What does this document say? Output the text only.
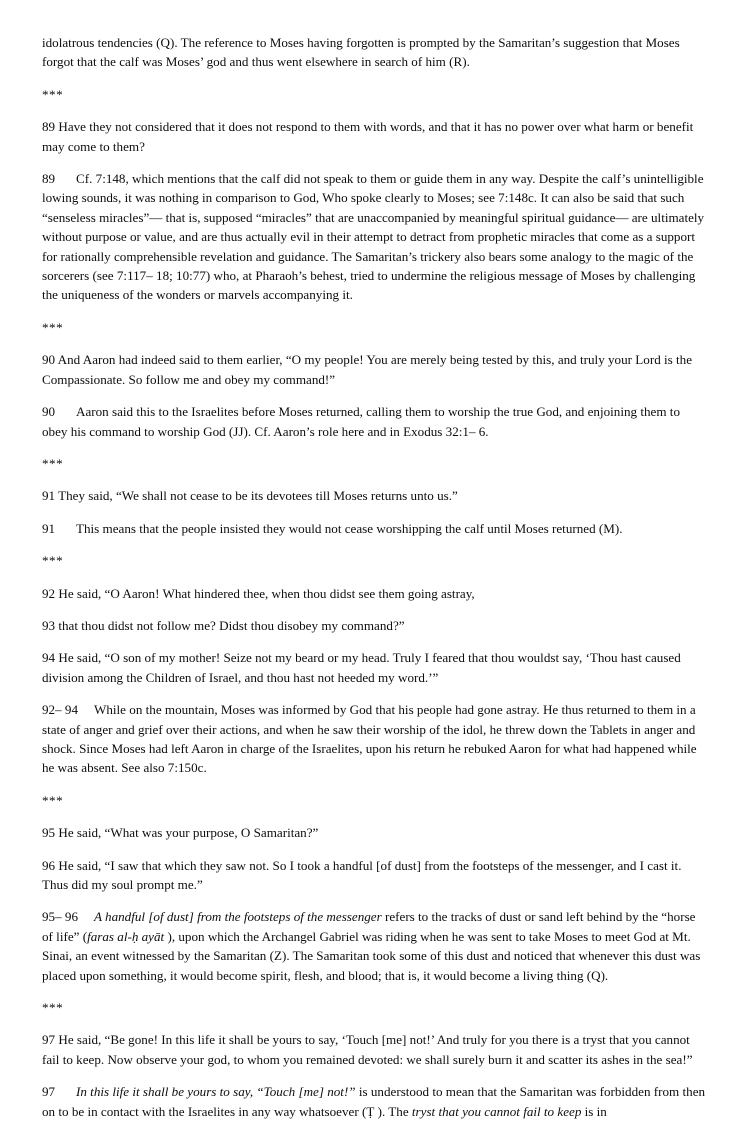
idolatrous tendencies (Q). The reference to Moses having forgotten is prompted by the Samaritan’s suggestion that Moses forgot that the calf was Moses’ god and thus went elsewhere in search of him (R).

***

89 Have they not considered that it does not respond to them with words, and that it has no power over what harm or benefit may come to them?

89 Cf. 7:148, which mentions that the calf did not speak to them or guide them in any way. Despite the calf’s unintelligible lowing sounds, it was nothing in comparison to God, Who spoke clearly to Moses; see 7:148c. It can also be said that such “senseless miracles”— that is, supposed “miracles” that are unaccompanied by meaningful spiritual guidance— are ultimately without purpose or value, and are thus actually evil in their attempt to detract from prophetic miracles that come as a support for rationally comprehensible revelation and guidance. The Samaritan’s trickery also bears some analogy to the magic of the sorcerers (see 7:117– 18; 10:77) who, at Pharaoh’s behest, tried to undermine the religious message of Moses by challenging the uniqueness of the wonders or marvels accompanying it.

***

90 And Aaron had indeed said to them earlier, “O my people! You are merely being tested by this, and truly your Lord is the Compassionate. So follow me and obey my command!”

90 Aaron said this to the Israelites before Moses returned, calling them to worship the true God, and enjoining them to obey his command to worship God (JJ). Cf. Aaron’s role here and in Exodus 32:1– 6.

***

91 They said, “We shall not cease to be its devotees till Moses returns unto us.”

91 This means that the people insisted they would not cease worshipping the calf until Moses returned (M).

***

92 He said, “O Aaron! What hindered thee, when thou didst see them going astray,

93 that thou didst not follow me? Didst thou disobey my command?”

94 He said, “O son of my mother! Seize not my beard or my head. Truly I feared that thou wouldst say, ‘Thou hast caused division among the Children of Israel, and thou hast not heeded my word.’”

92– 94 While on the mountain, Moses was informed by God that his people had gone astray. He thus returned to them in a state of anger and grief over their actions, and when he saw their worship of the idol, he threw down the Tablets in anger and shock. Since Moses had left Aaron in charge of the Israelites, upon his return he rebuked Aaron for what had happened while he was absent. See also 7:150c.

***

95 He said, “What was your purpose, O Samaritan?”

96 He said, “I saw that which they saw not. So I took a handful [of dust] from the footsteps of the messenger, and I cast it. Thus did my soul prompt me.”

95– 96 A handful [of dust] from the footsteps of the messenger refers to the tracks of dust or sand left behind by the “horse of life” (faras al-ḥ ayāt ), upon which the Archangel Gabriel was riding when he was sent to take Moses to meet God at Mt. Sinai, an event witnessed by the Samaritan (Z). The Samaritan took some of this dust and noticed that whenever this dust was placed upon something, it would become spirit, flesh, and blood; that is, it would become a living thing (Q).

***

97 He said, “Be gone! In this life it shall be yours to say, ‘Touch [me] not!’ And truly for you there is a tryst that you cannot fail to keep. Now observe your god, to whom you remained devoted: we shall surely burn it and scatter its ashes in the sea!”

97 In this life it shall be yours to say, “Touch [me] not!” is understood to mean that the Samaritan was forbidden from then on to be in contact with the Israelites in any way whatsoever (Ṭ ). The tryst that you cannot fail to keep is in
